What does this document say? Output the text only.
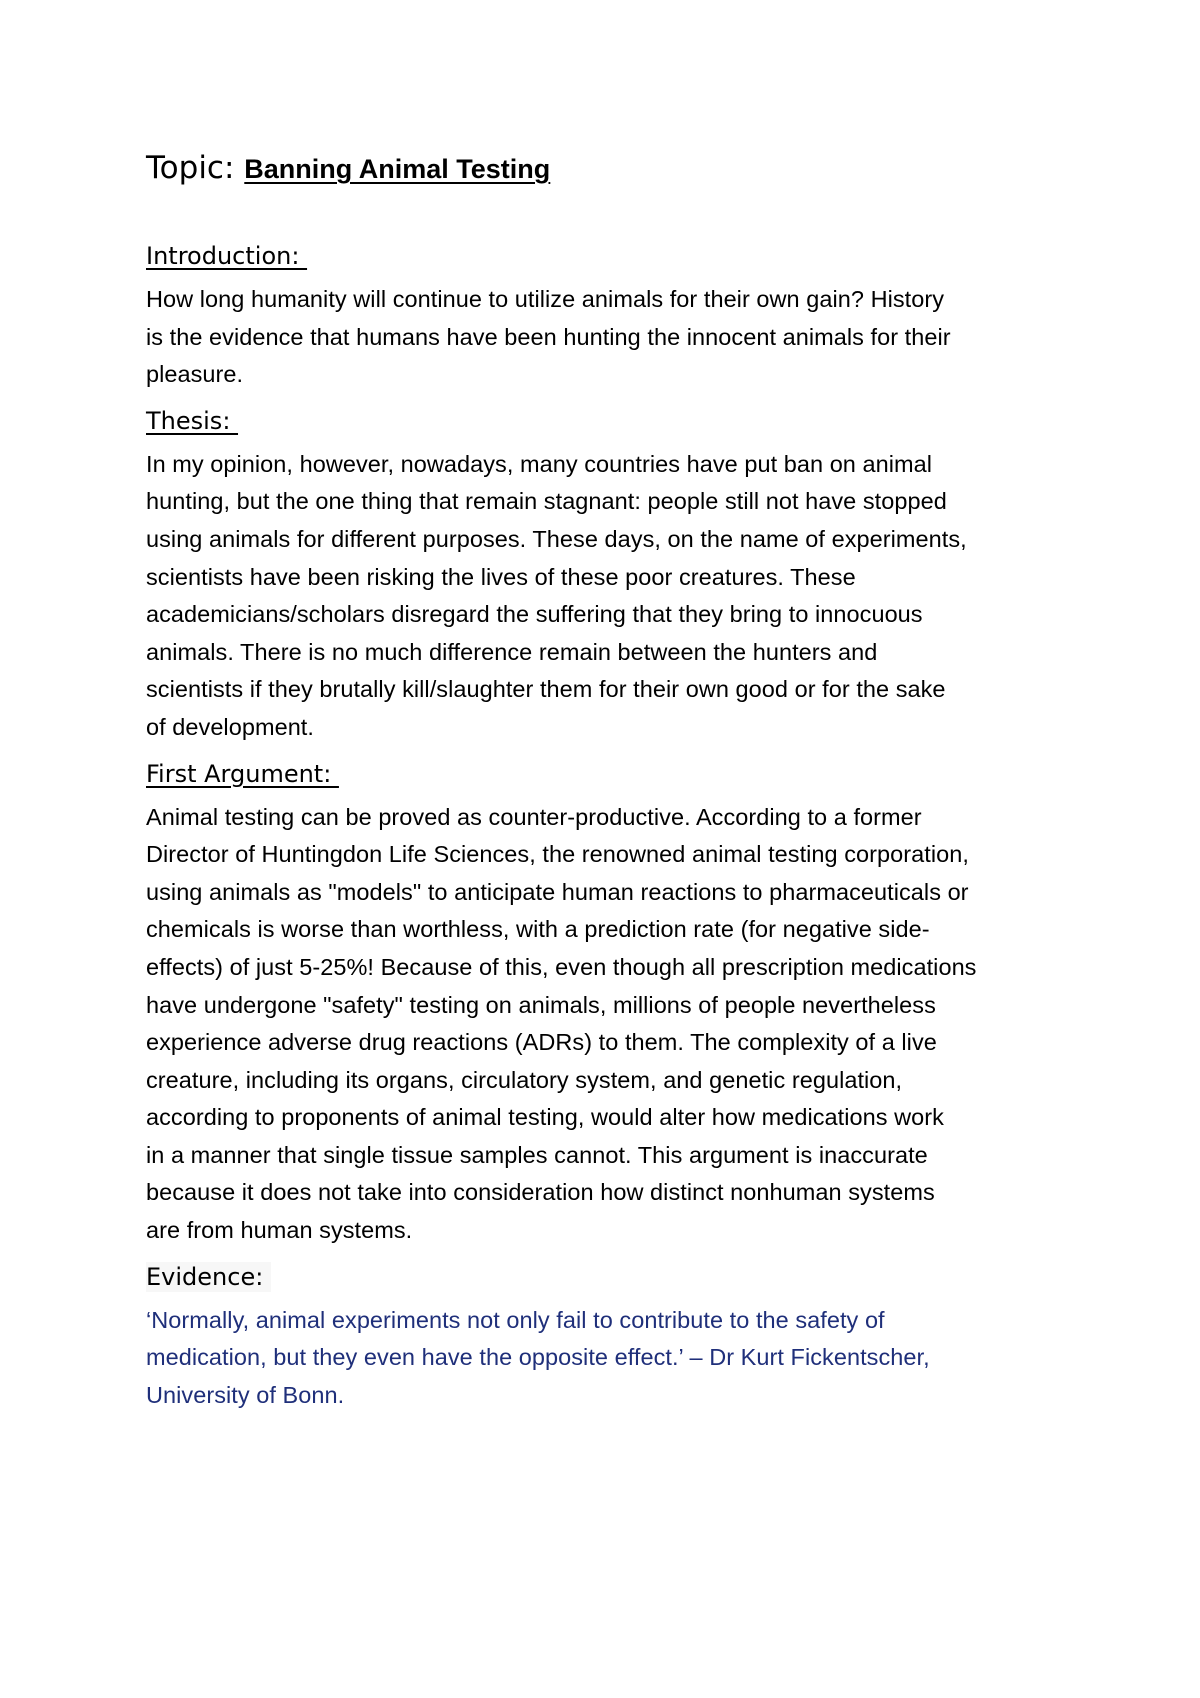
Topic: Banning Animal Testing
Introduction:
How long humanity will continue to utilize animals for their own gain? History
is the evidence that humans have been hunting the innocent animals for their
pleasure.
Thesis:
In my opinion, however, nowadays, many countries have put ban on animal
hunting, but the one thing that remain stagnant: people still not have stopped
using animals for different purposes. These days, on the name of experiments,
scientists have been risking the lives of these poor creatures. These
academicians/scholars disregard the suffering that they bring to innocuous
animals. There is no much difference remain between the hunters and
scientists if they brutally kill/slaughter them for their own good or for the sake
of development.
First Argument:
Animal testing can be proved as counter-productive. According to a former
Director of Huntingdon Life Sciences, the renowned animal testing corporation,
using animals as "models" to anticipate human reactions to pharmaceuticals or
chemicals is worse than worthless, with a prediction rate (for negative side-
effects) of just 5-25%! Because of this, even though all prescription medications
have undergone "safety" testing on animals, millions of people nevertheless
experience adverse drug reactions (ADRs) to them. The complexity of a live
creature, including its organs, circulatory system, and genetic regulation,
according to proponents of animal testing, would alter how medications work
in a manner that single tissue samples cannot. This argument is inaccurate
because it does not take into consideration how distinct nonhuman systems
are from human systems.
Evidence:
‘Normally, animal experiments not only fail to contribute to the safety of
medication, but they even have the opposite effect.’ – Dr Kurt Fickentscher,
University of Bonn.
